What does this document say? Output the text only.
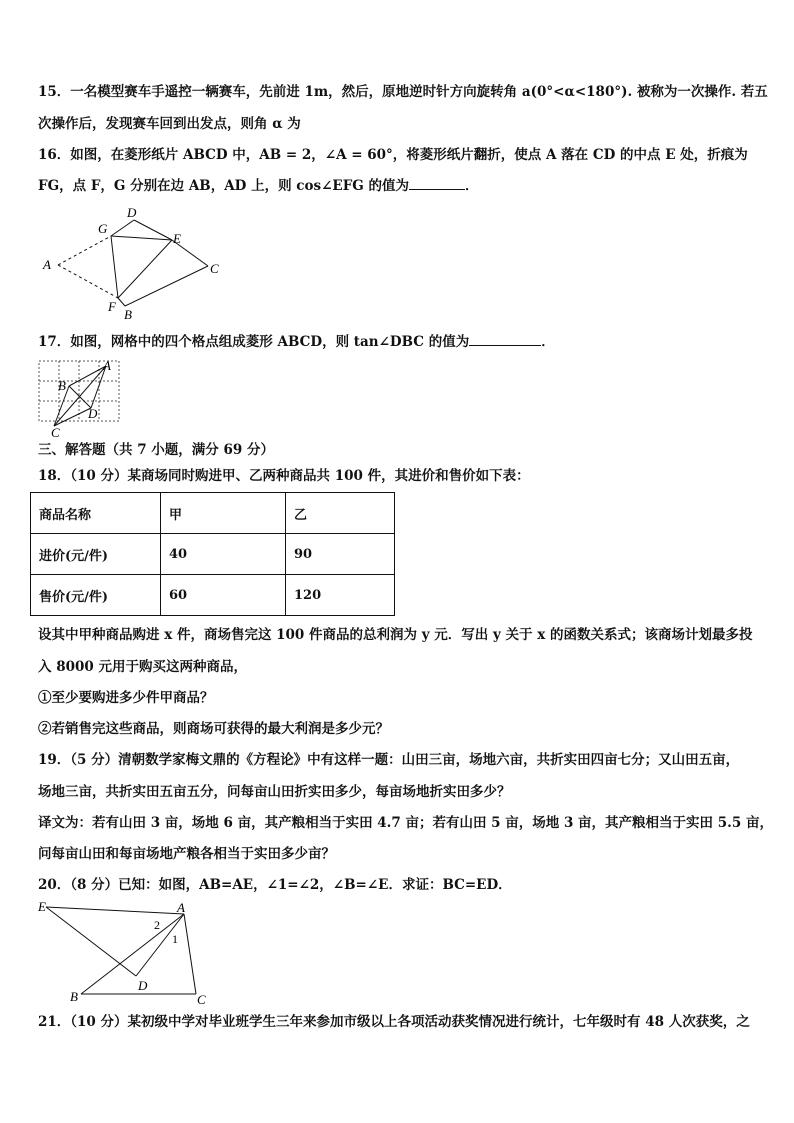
15．一名模型赛车手遥控一辆赛车，先前进 1m，然后，原地逆时针方向旋转角 a(0°<α<180°). 被称为一次操作. 若五
次操作后，发现赛车回到出发点，则角 α 为
16．如图，在菱形纸片 ABCD 中，AB = 2，∠A = 60°，将菱形纸片翻折，使点 A 落在 CD 的中点 E 处，折痕为
FG，点 F，G 分别在边 AB，AD 上，则 cos∠EFG 的值为	．
A
G
D
E
C
F
B
17．如图，网格中的四个格点组成菱形 ABCD，则 tan∠DBC 的值为	．
A
B
D
C
三、解答题（共 7 小题，满分 69 分）
18．（10 分）某商场同时购进甲、乙两种商品共 100 件，其进价和售价如下表：
商品名称	甲	乙
进价(元/件)	40	90
售价(元/件)	60	120
设其中甲种商品购进 x 件，商场售完这 100 件商品的总利润为 y 元．写出 y 关于 x 的函数关系式；该商场计划最多投
入 8000 元用于购买这两种商品，
①至少要购进多少件甲商品？
②若销售完这些商品，则商场可获得的最大利润是多少元？
19．（5 分）清朝数学家梅文鼎的《方程论》中有这样一题：山田三亩，场地六亩，共折实田四亩七分；又山田五亩，
场地三亩，共折实田五亩五分，问每亩山田折实田多少，每亩场地折实田多少？
译文为：若有山田 3 亩，场地 6 亩，其产粮相当于实田 4.7 亩；若有山田 5 亩，场地 3 亩，其产粮相当于实田 5.5 亩，
问每亩山田和每亩场地产粮各相当于实田多少亩？
20．（8 分）已知：如图，AB=AE，∠1=∠2，∠B=∠E．求证：BC=ED．
E	A
2
1
D
B	C
21．（10 分）某初级中学对毕业班学生三年来参加市级以上各项活动获奖情况进行统计，七年级时有 48 人次获奖，之
